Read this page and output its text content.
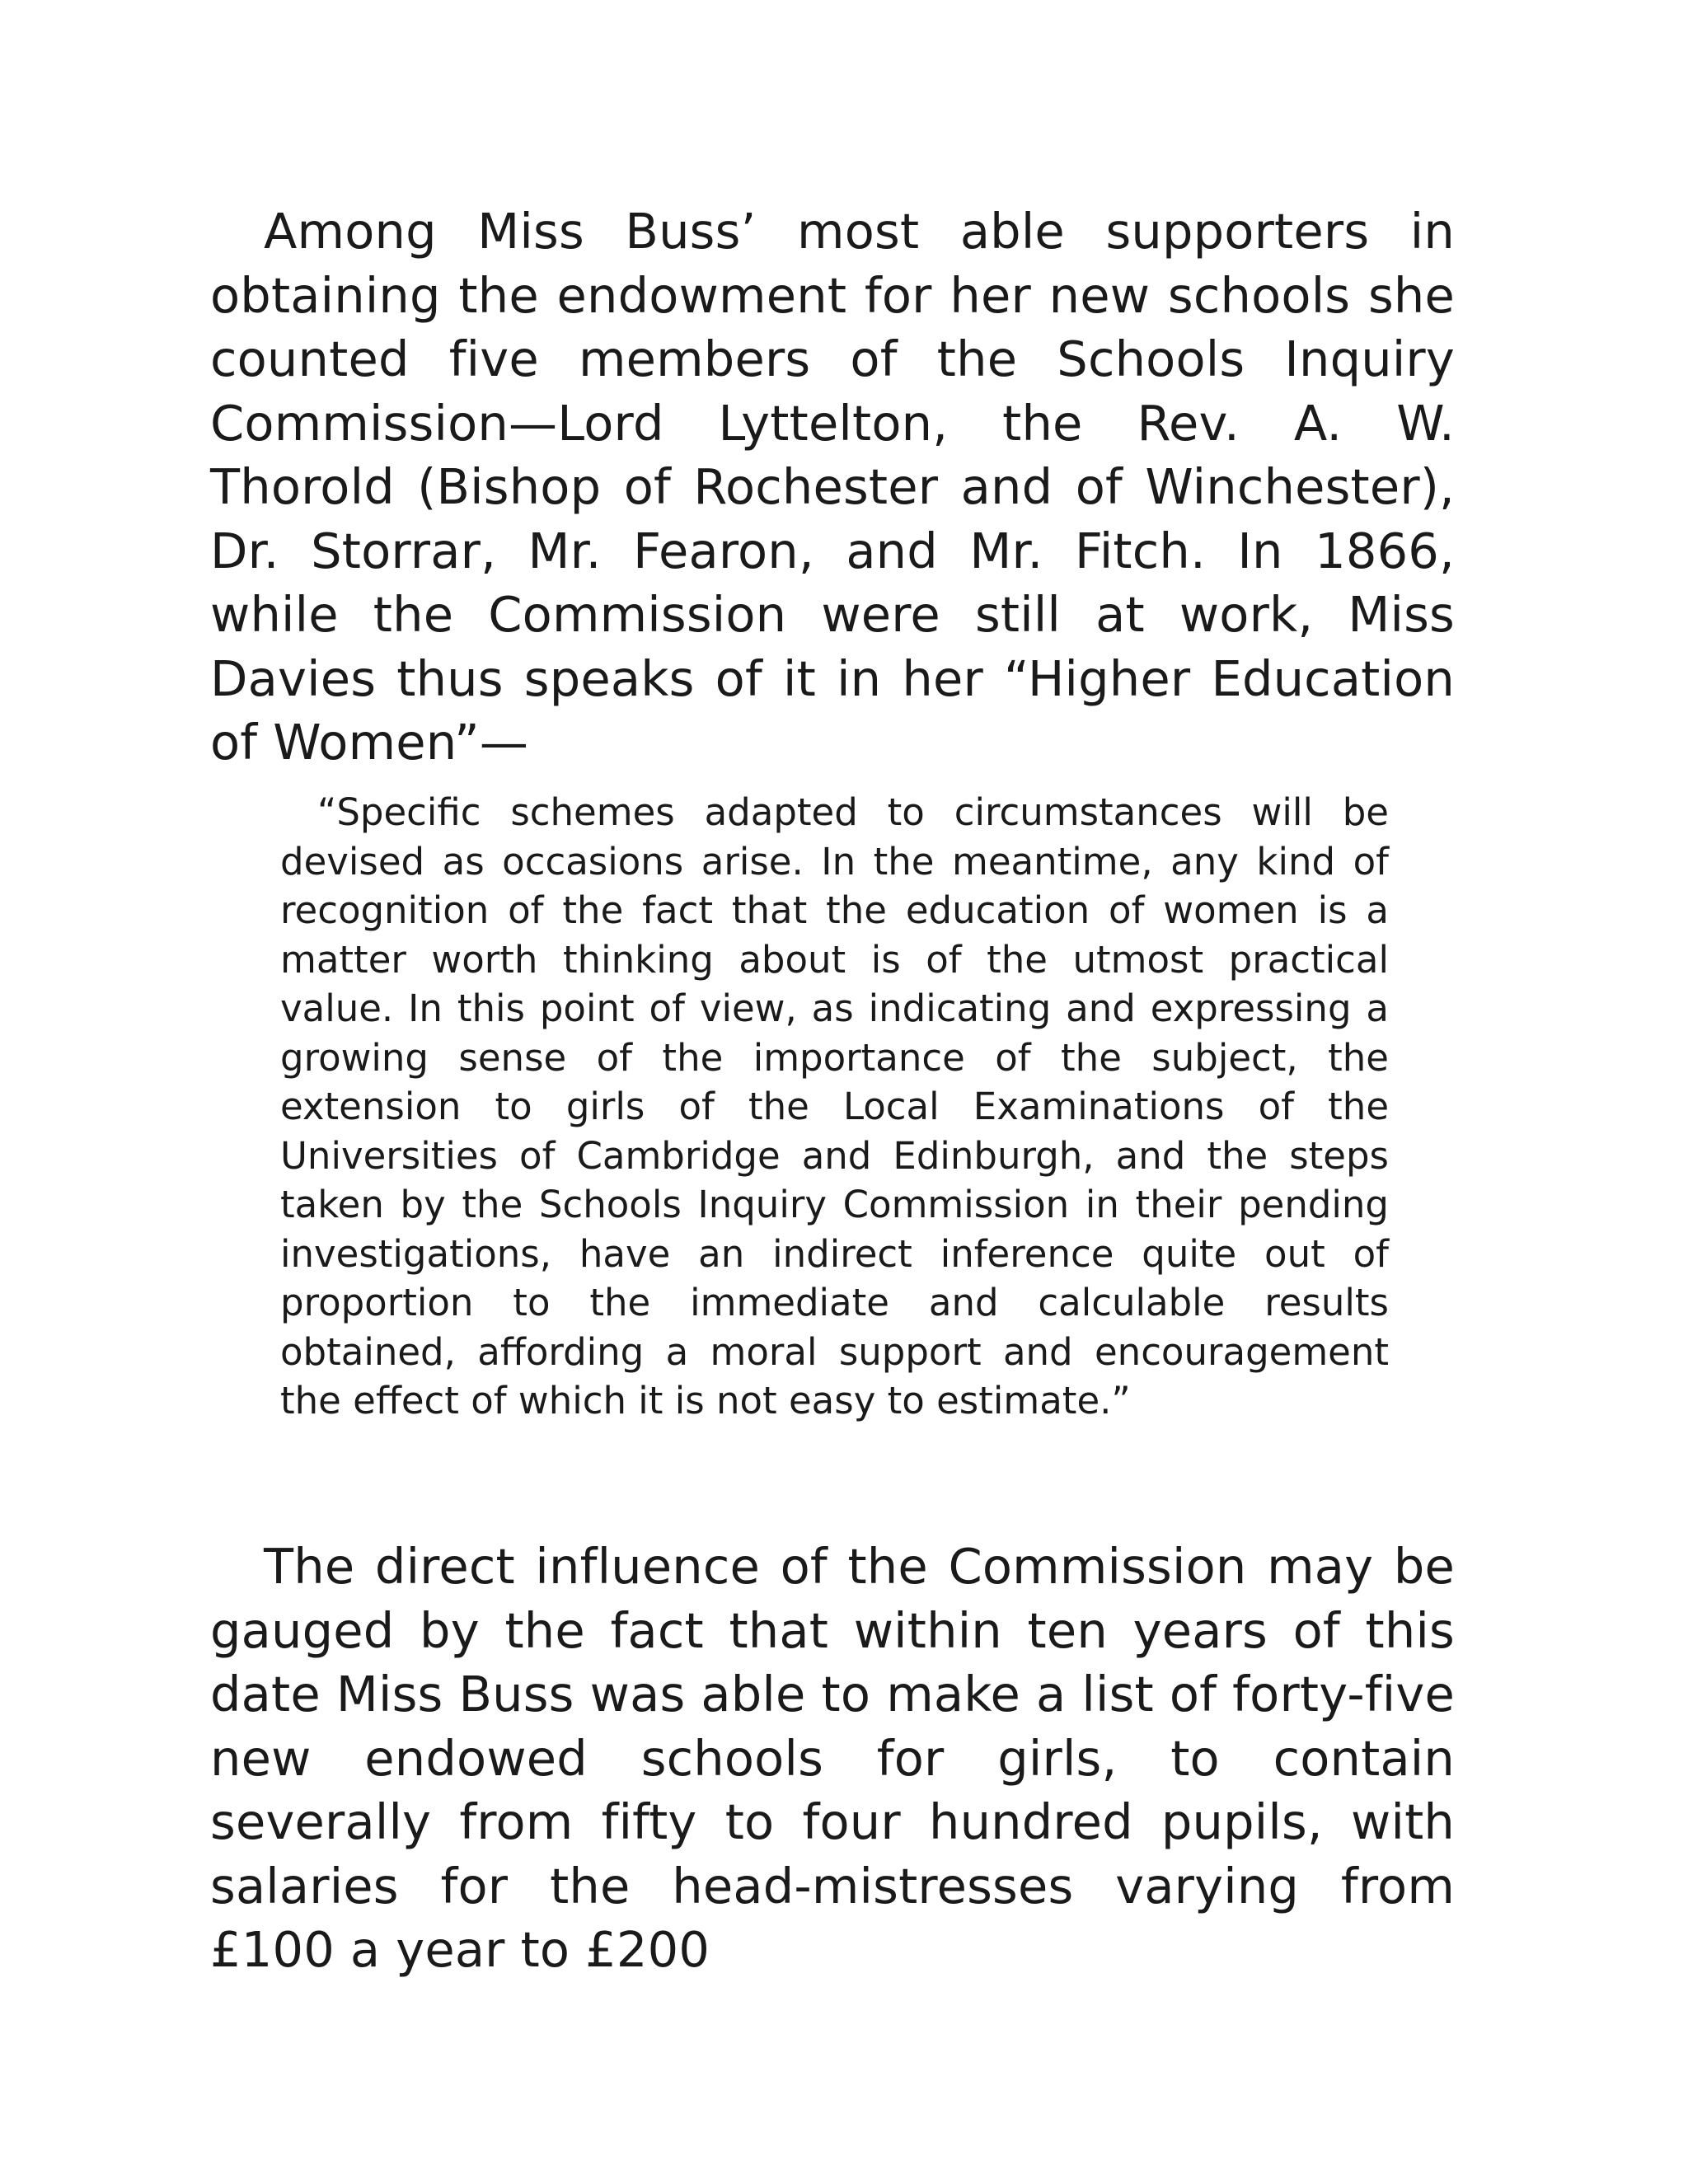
Among Miss Buss’ most able supporters in obtaining the endowment for her new schools she counted five members of the Schools Inquiry Commission—Lord Lyttelton, the Rev. A. W. Thorold (Bishop of Rochester and of Winchester), Dr. Storrar, Mr. Fearon, and Mr. Fitch. In 1866, while the Commission were still at work, Miss Davies thus speaks of it in her “Higher Education of Women”—

“Specific schemes adapted to circumstances will be devised as occasions arise. In the meantime, any kind of recognition of the fact that the education of women is a matter worth thinking about is of the utmost practical value. In this point of view, as indicating and expressing a growing sense of the importance of the subject, the extension to girls of the Local Examinations of the Universities of Cambridge and Edinburgh, and the steps taken by the Schools Inquiry Commission in their pending investigations, have an indirect inference quite out of proportion to the immediate and calculable results obtained, affording a moral support and encouragement the effect of which it is not easy to estimate.”

The direct influence of the Commission may be gauged by the fact that within ten years of this date Miss Buss was able to make a list of forty-five new endowed schools for girls, to contain severally from fifty to four hundred pupils, with salaries for the head-mistresses varying from £100 a year to £200
